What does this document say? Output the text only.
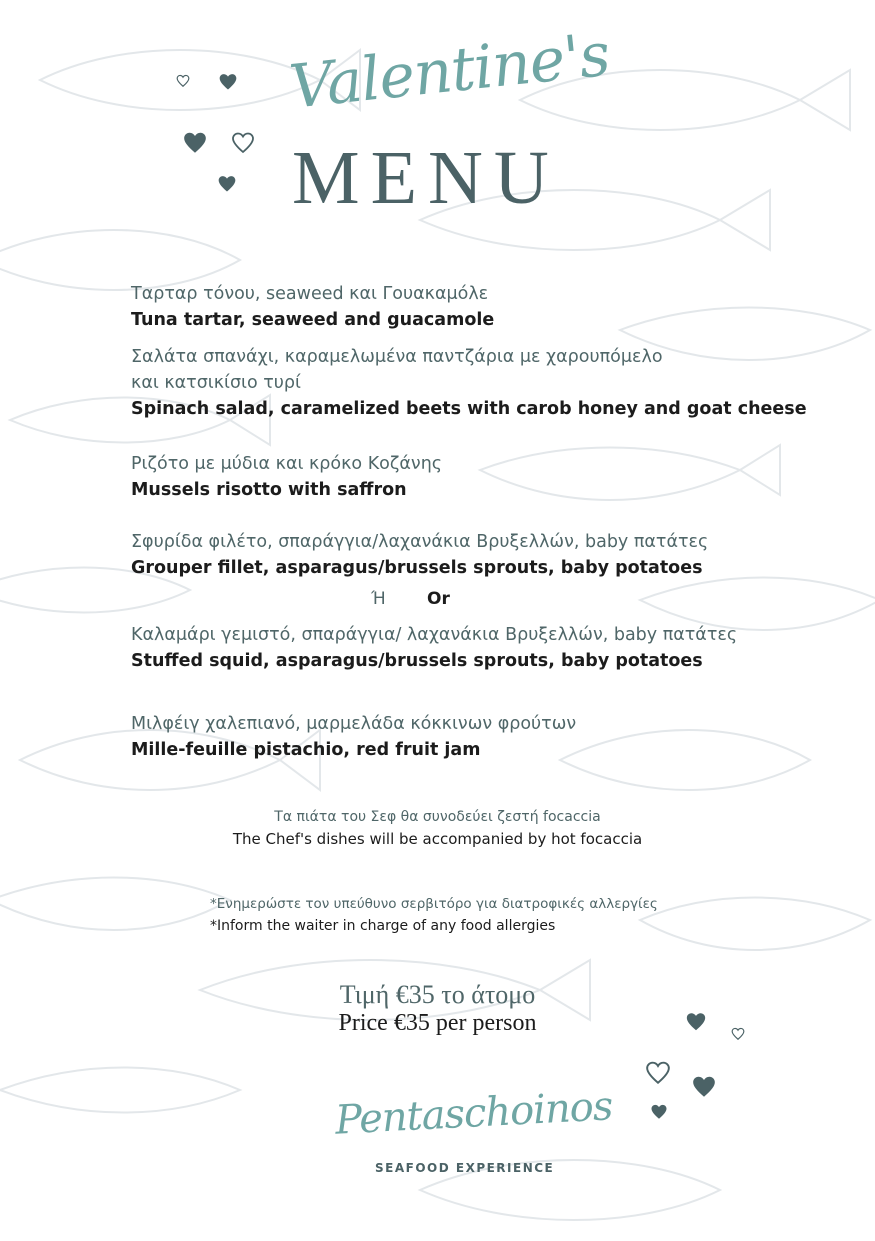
Valentine's
MENU
Ταρταρ τόνου, seaweed και Γουακαμόλε
Tuna tartar, seaweed and guacamole
Σαλάτα σπανάχι, καραμελωμένα παντζάρια με χαρουπόμελο
και κατσικίσιο τυρί
Spinach salad, caramelized beets with carob honey and goat cheese
Ριζότο με μύδια και κρόκο Κοζάνης
Mussels risotto with saffron
Σφυρίδα φιλέτο, σπαράγγια/λαχανάκια Βρυξελλών, baby πατάτες
Grouper fillet, asparagus/brussels sprouts, baby potatoes
Ή Or
Καλαμάρι γεμιστό, σπαράγγια/ λαχανάκια Βρυξελλών, baby πατάτες
Stuffed squid, asparagus/brussels sprouts, baby potatoes
Μιλφέιγ χαλεπιανό, μαρμελάδα κόκκινων φρούτων
Mille-feuille pistachio, red fruit jam
Τα πιάτα του Σεφ θα συνοδεύει ζεστή focaccia
The Chef's dishes will be accompanied by hot focaccia
*Ενημερώστε τον υπεύθυνο σερβιτόρο για διατροφικές αλλεργίες
*Inform the waiter in charge of any food allergies
Τιμή €35 το άτομο
Price €35 per person
Pentaschoinos
SEAFOOD EXPERIENCE
